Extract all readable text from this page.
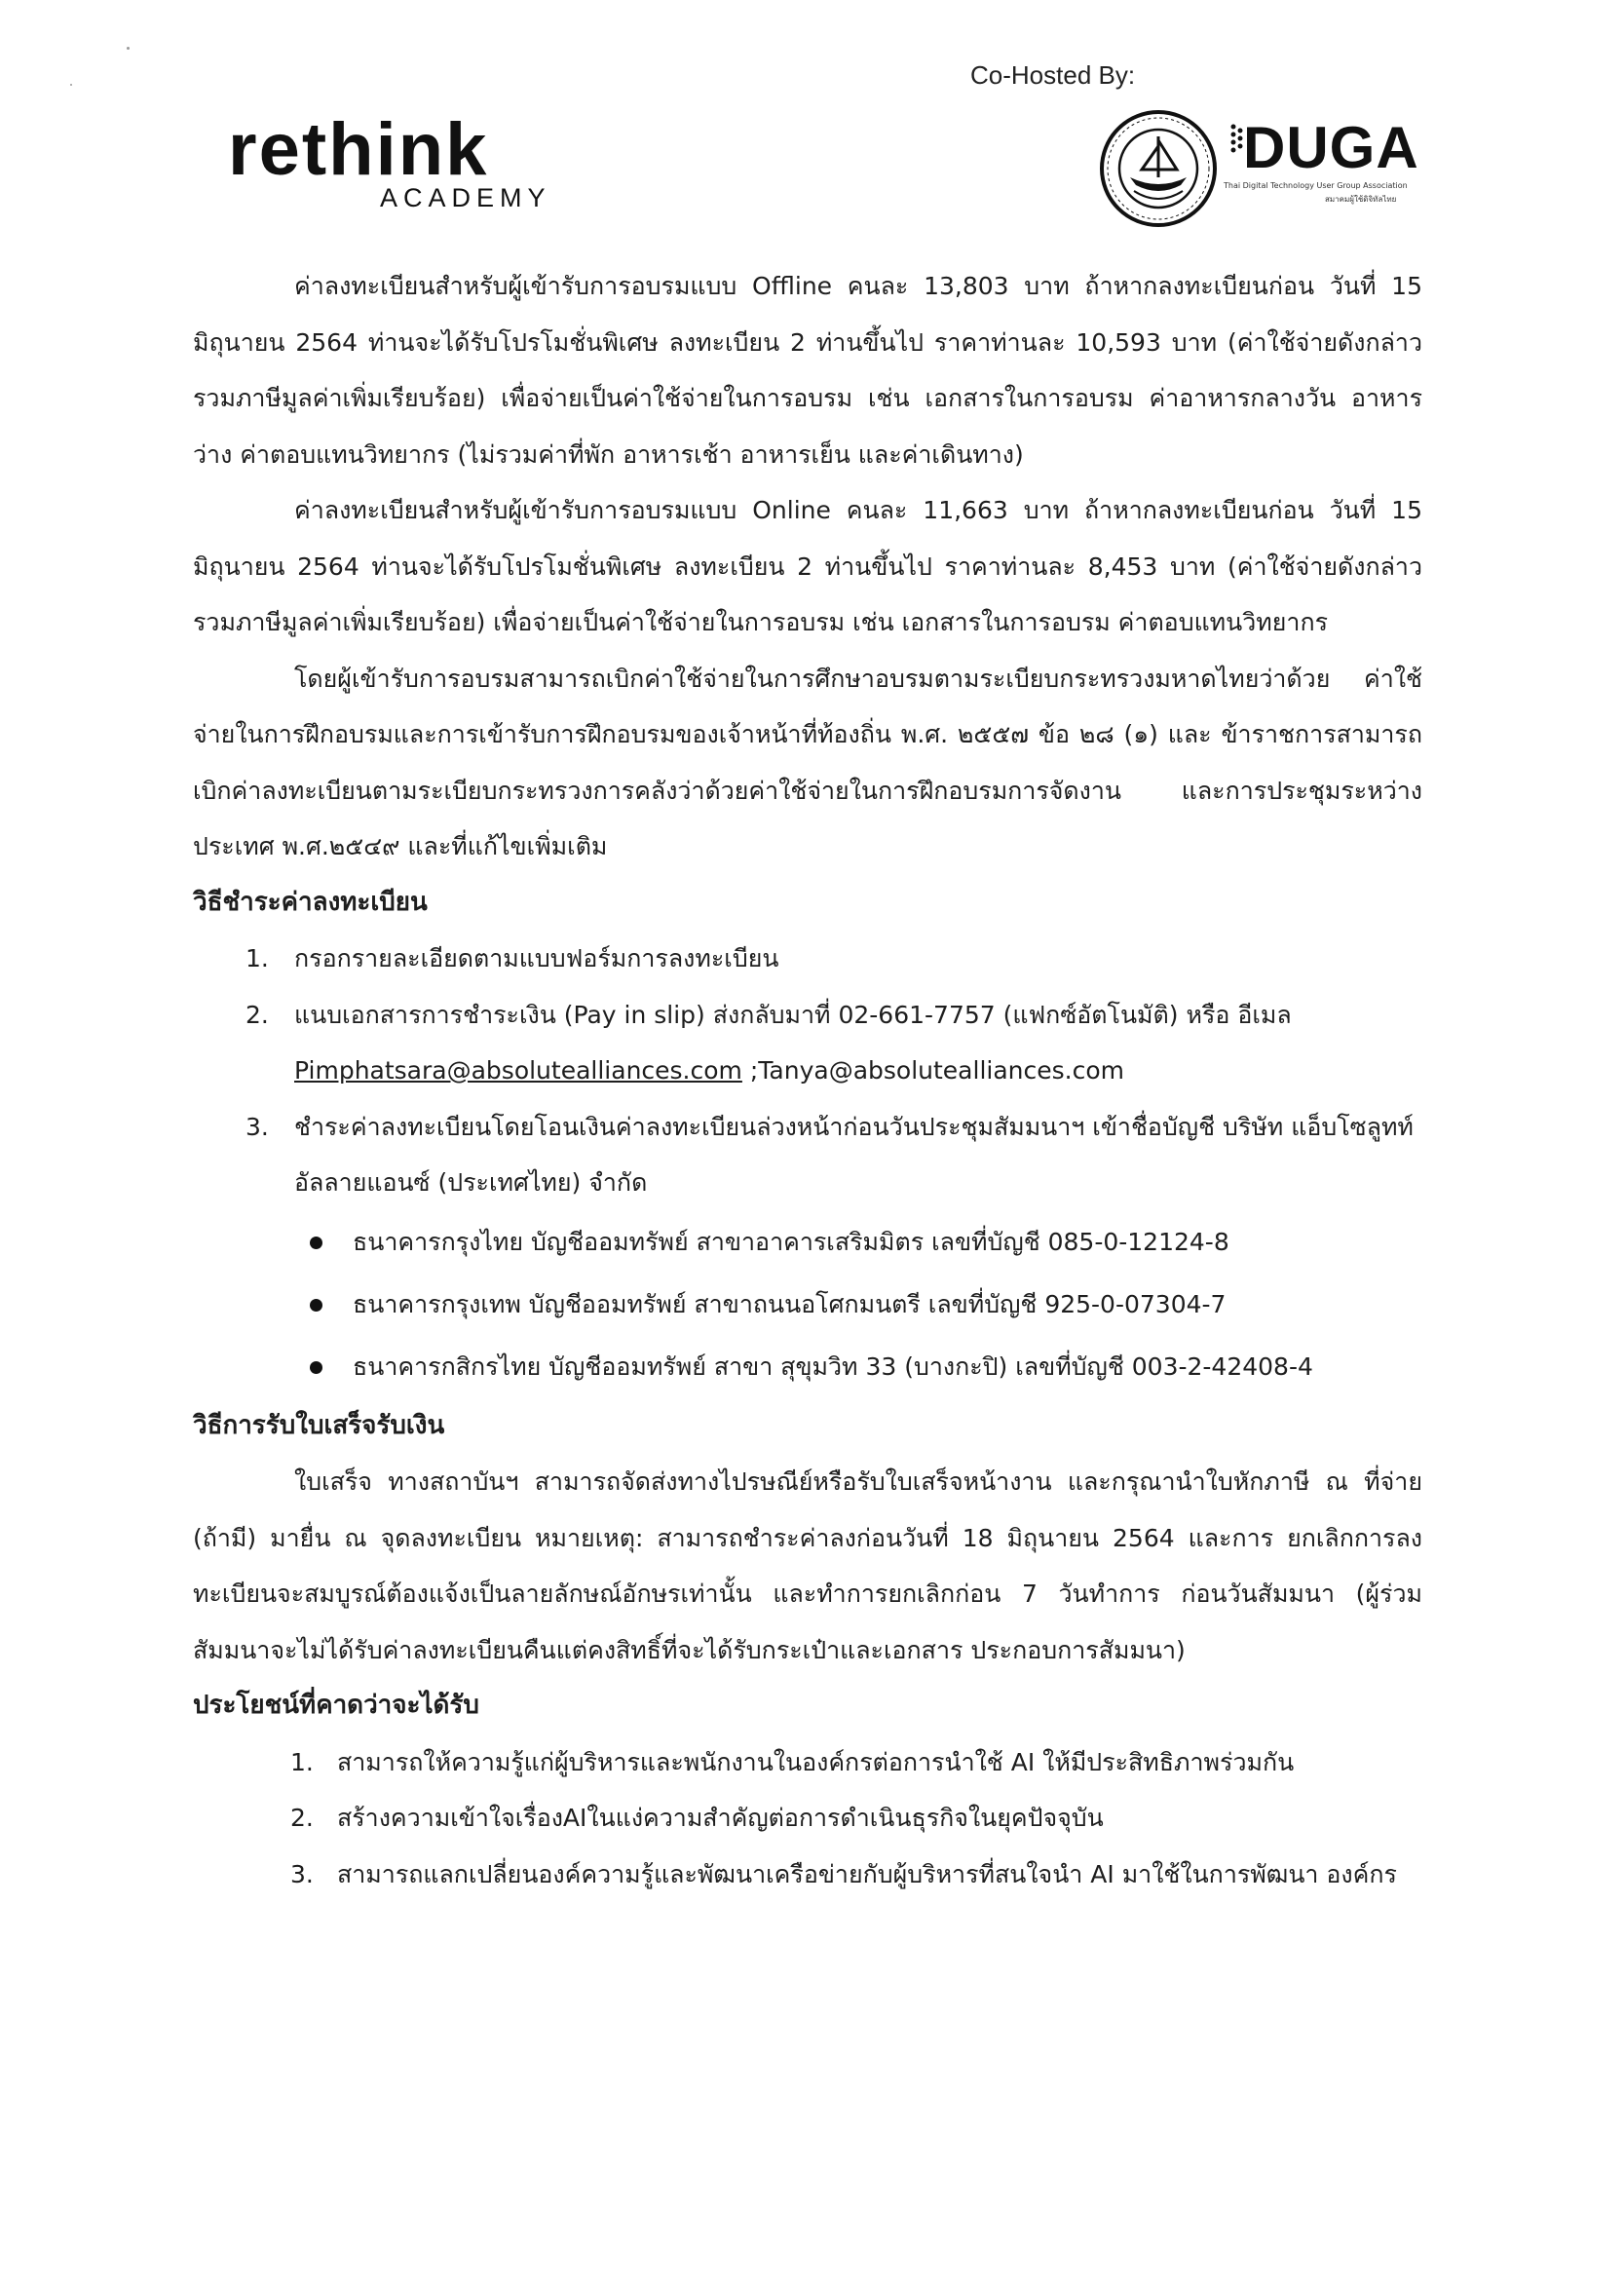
rethink
ACADEMY
Co-Hosted By:
DUGA
Thai Digital Technology User Group Association
สมาคมผู้ใช้ดิจิทัลไทย

ค่าลงทะเบียนสำหรับผู้เข้ารับการอบรมแบบ Offline คนละ 13,803 บาท ถ้าหากลงทะเบียนก่อน วันที่ 15 มิถุนายน 2564 ท่านจะได้รับโปรโมชั่นพิเศษ ลงทะเบียน 2 ท่านขึ้นไป ราคาท่านละ 10,593 บาท (ค่าใช้จ่ายดังกล่าวรวมภาษีมูลค่าเพิ่มเรียบร้อย) เพื่อจ่ายเป็นค่าใช้จ่ายในการอบรม เช่น เอกสารในการอบรม ค่าอาหารกลางวัน อาหารว่าง ค่าตอบแทนวิทยากร (ไม่รวมค่าที่พัก อาหารเช้า อาหารเย็น และค่าเดินทาง)

ค่าลงทะเบียนสำหรับผู้เข้ารับการอบรมแบบ Online คนละ 11,663 บาท ถ้าหากลงทะเบียนก่อน วันที่ 15 มิถุนายน 2564 ท่านจะได้รับโปรโมชั่นพิเศษ ลงทะเบียน 2 ท่านขึ้นไป ราคาท่านละ 8,453 บาท (ค่าใช้จ่ายดังกล่าวรวมภาษีมูลค่าเพิ่มเรียบร้อย) เพื่อจ่ายเป็นค่าใช้จ่ายในการอบรม เช่น เอกสารในการอบรม ค่าตอบแทนวิทยากร

โดยผู้เข้ารับการอบรมสามารถเบิกค่าใช้จ่ายในการศึกษาอบรมตามระเบียบกระทรวงมหาดไทยว่าด้วย ค่าใช้จ่ายในการฝึกอบรมและการเข้ารับการฝึกอบรมของเจ้าหน้าที่ท้องถิ่น พ.ศ. ๒๕๕๗ ข้อ ๒๘ (๑) และ ข้าราชการสามารถเบิกค่าลงทะเบียนตามระเบียบกระทรวงการคลังว่าด้วยค่าใช้จ่ายในการฝึกอบรมการจัดงาน และการประชุมระหว่างประเทศ พ.ศ.๒๕๔๙ และที่แก้ไขเพิ่มเติม

วิธีชำระค่าลงทะเบียน

1. กรอกรายละเอียดตามแบบฟอร์มการลงทะเบียน
2. แนบเอกสารการชำระเงิน (Pay in slip) ส่งกลับมาที่ 02-661-7757 (แฟกซ์อัตโนมัติ) หรือ อีเมล
Pimphatsara@absolutealliances.com ;Tanya@absolutealliances.com
3. ชำระค่าลงทะเบียนโดยโอนเงินค่าลงทะเบียนล่วงหน้าก่อนวันประชุมสัมมนาฯ เข้าชื่อบัญชี บริษัท แอ็บโซลูทท์ อัลลายแอนซ์ (ประเทศไทย) จำกัด
ธนาคารกรุงไทย บัญชีออมทรัพย์ สาขาอาคารเสริมมิตร เลขที่บัญชี 085-0-12124-8
ธนาคารกรุงเทพ บัญชีออมทรัพย์ สาขาถนนอโศกมนตรี เลขที่บัญชี 925-0-07304-7
ธนาคารกสิกรไทย บัญชีออมทรัพย์ สาขา สุขุมวิท 33 (บางกะปิ) เลขที่บัญชี 003-2-42408-4

วิธีการรับใบเสร็จรับเงิน

ใบเสร็จ ทางสถาบันฯ สามารถจัดส่งทางไปรษณีย์หรือรับใบเสร็จหน้างาน และกรุณานำใบหักภาษี ณ ที่จ่าย (ถ้ามี) มายื่น ณ จุดลงทะเบียน หมายเหตุ: สามารถชำระค่าลงก่อนวันที่ 18 มิถุนายน 2564 และการ ยกเลิกการลงทะเบียนจะสมบูรณ์ต้องแจ้งเป็นลายลักษณ์อักษรเท่านั้น และทำการยกเลิกก่อน 7 วันทำการ ก่อนวันสัมมนา (ผู้ร่วมสัมมนาจะไม่ได้รับค่าลงทะเบียนคืนแต่คงสิทธิ์ที่จะได้รับกระเป๋าและเอกสาร ประกอบการสัมมนา)

ประโยชน์ที่คาดว่าจะได้รับ

1. สามารถให้ความรู้แก่ผู้บริหารและพนักงานในองค์กรต่อการนำใช้ AI ให้มีประสิทธิภาพร่วมกัน
2. สร้างความเข้าใจเรื่องAIในแง่ความสำคัญต่อการดำเนินธุรกิจในยุคปัจจุบัน
3. สามารถแลกเปลี่ยนองค์ความรู้และพัฒนาเครือข่ายกับผู้บริหารที่สนใจนำ AI มาใช้ในการพัฒนา องค์กร
